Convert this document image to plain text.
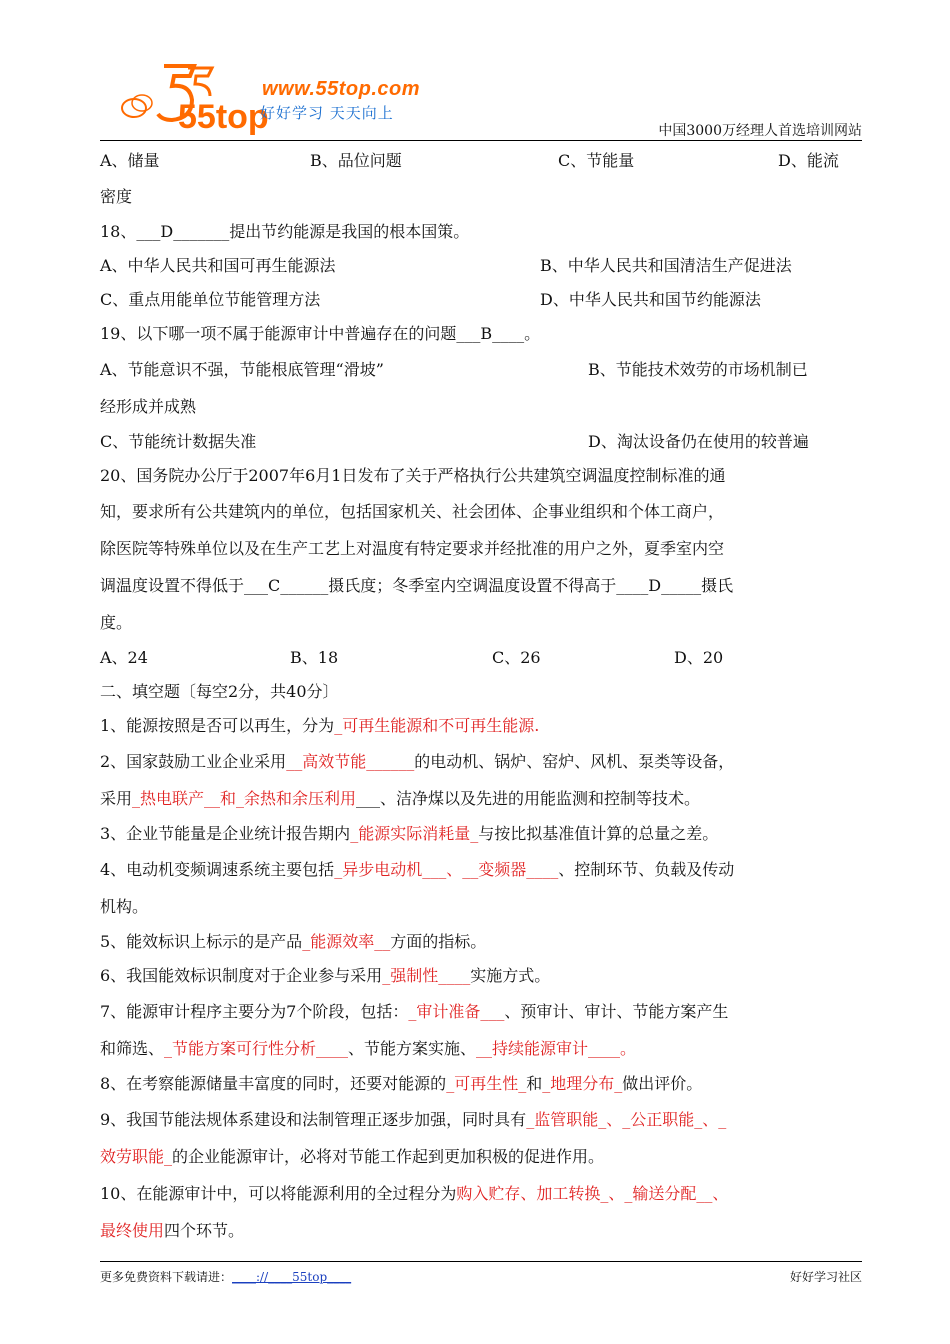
55top
www.55top.com
好好学习 天天向上
中国3000万经理人首选培训网站
A、储量	B、品位问题	C、节能量	D、能流
密度
18、___D_______提出节约能源是我国的根本国策。
A、中华人民共和国可再生能源法	B、中华人民共和国清洁生产促进法
C、重点用能单位节能管理方法	D、中华人民共和国节约能源法
19、以下哪一项不属于能源审计中普遍存在的问题___B____。
A、节能意识不强，节能根底管理“滑坡”	B、节能技术效劳的市场机制已
经形成并成熟
C、节能统计数据失准	D、淘汰设备仍在使用的较普遍
20、国务院办公厅于2007年6月1日发布了关于严格执行公共建筑空调温度控制标准的通
知，要求所有公共建筑内的单位，包括国家机关、社会团体、企事业组织和个体工商户，
除医院等特殊单位以及在生产工艺上对温度有特定要求并经批准的用户之外，夏季室内空
调温度设置不得低于___C______摄氏度；冬季室内空调温度设置不得高于____D_____摄氏
度。
A、24	B、18	C、26	D、20
二、填空题〔每空2分，共40分〕
1、能源按照是否可以再生，分为_可再生能源和不可再生能源.
2、国家鼓励工业企业采用__高效节能______的电动机、锅炉、窑炉、风机、泵类等设备，
采用_热电联产__和_余热和余压利用___、洁净煤以及先进的用能监测和控制等技术。
3、企业节能量是企业统计报告期内_能源实际消耗量_与按比拟基准值计算的总量之差。
4、电动机变频调速系统主要包括_异步电动机___、__变频器____、控制环节、负载及传动
机构。
5、能效标识上标示的是产品_能源效率__方面的指标。
6、我国能效标识制度对于企业参与采用_强制性____实施方式。
7、能源审计程序主要分为7个阶段，包括：_审计准备___、预审计、审计、节能方案产生
和筛选、_节能方案可行性分析____、节能方案实施、__持续能源审计____。
8、在考察能源储量丰富度的同时，还要对能源的_可再生性_和_地理分布_做出评价。
9、我国节能法规体系建设和法制管理正逐步加强，同时具有_监管职能_、_公正职能_、_
效劳职能_的企业能源审计，必将对节能工作起到更加积极的促进作用。
10、在能源审计中，可以将能源利用的全过程分为购入贮存、加工转换_、_输送分配__、
最终使用四个环节。
更多免费资料下载请进：____://____55top____	好好学习社区
